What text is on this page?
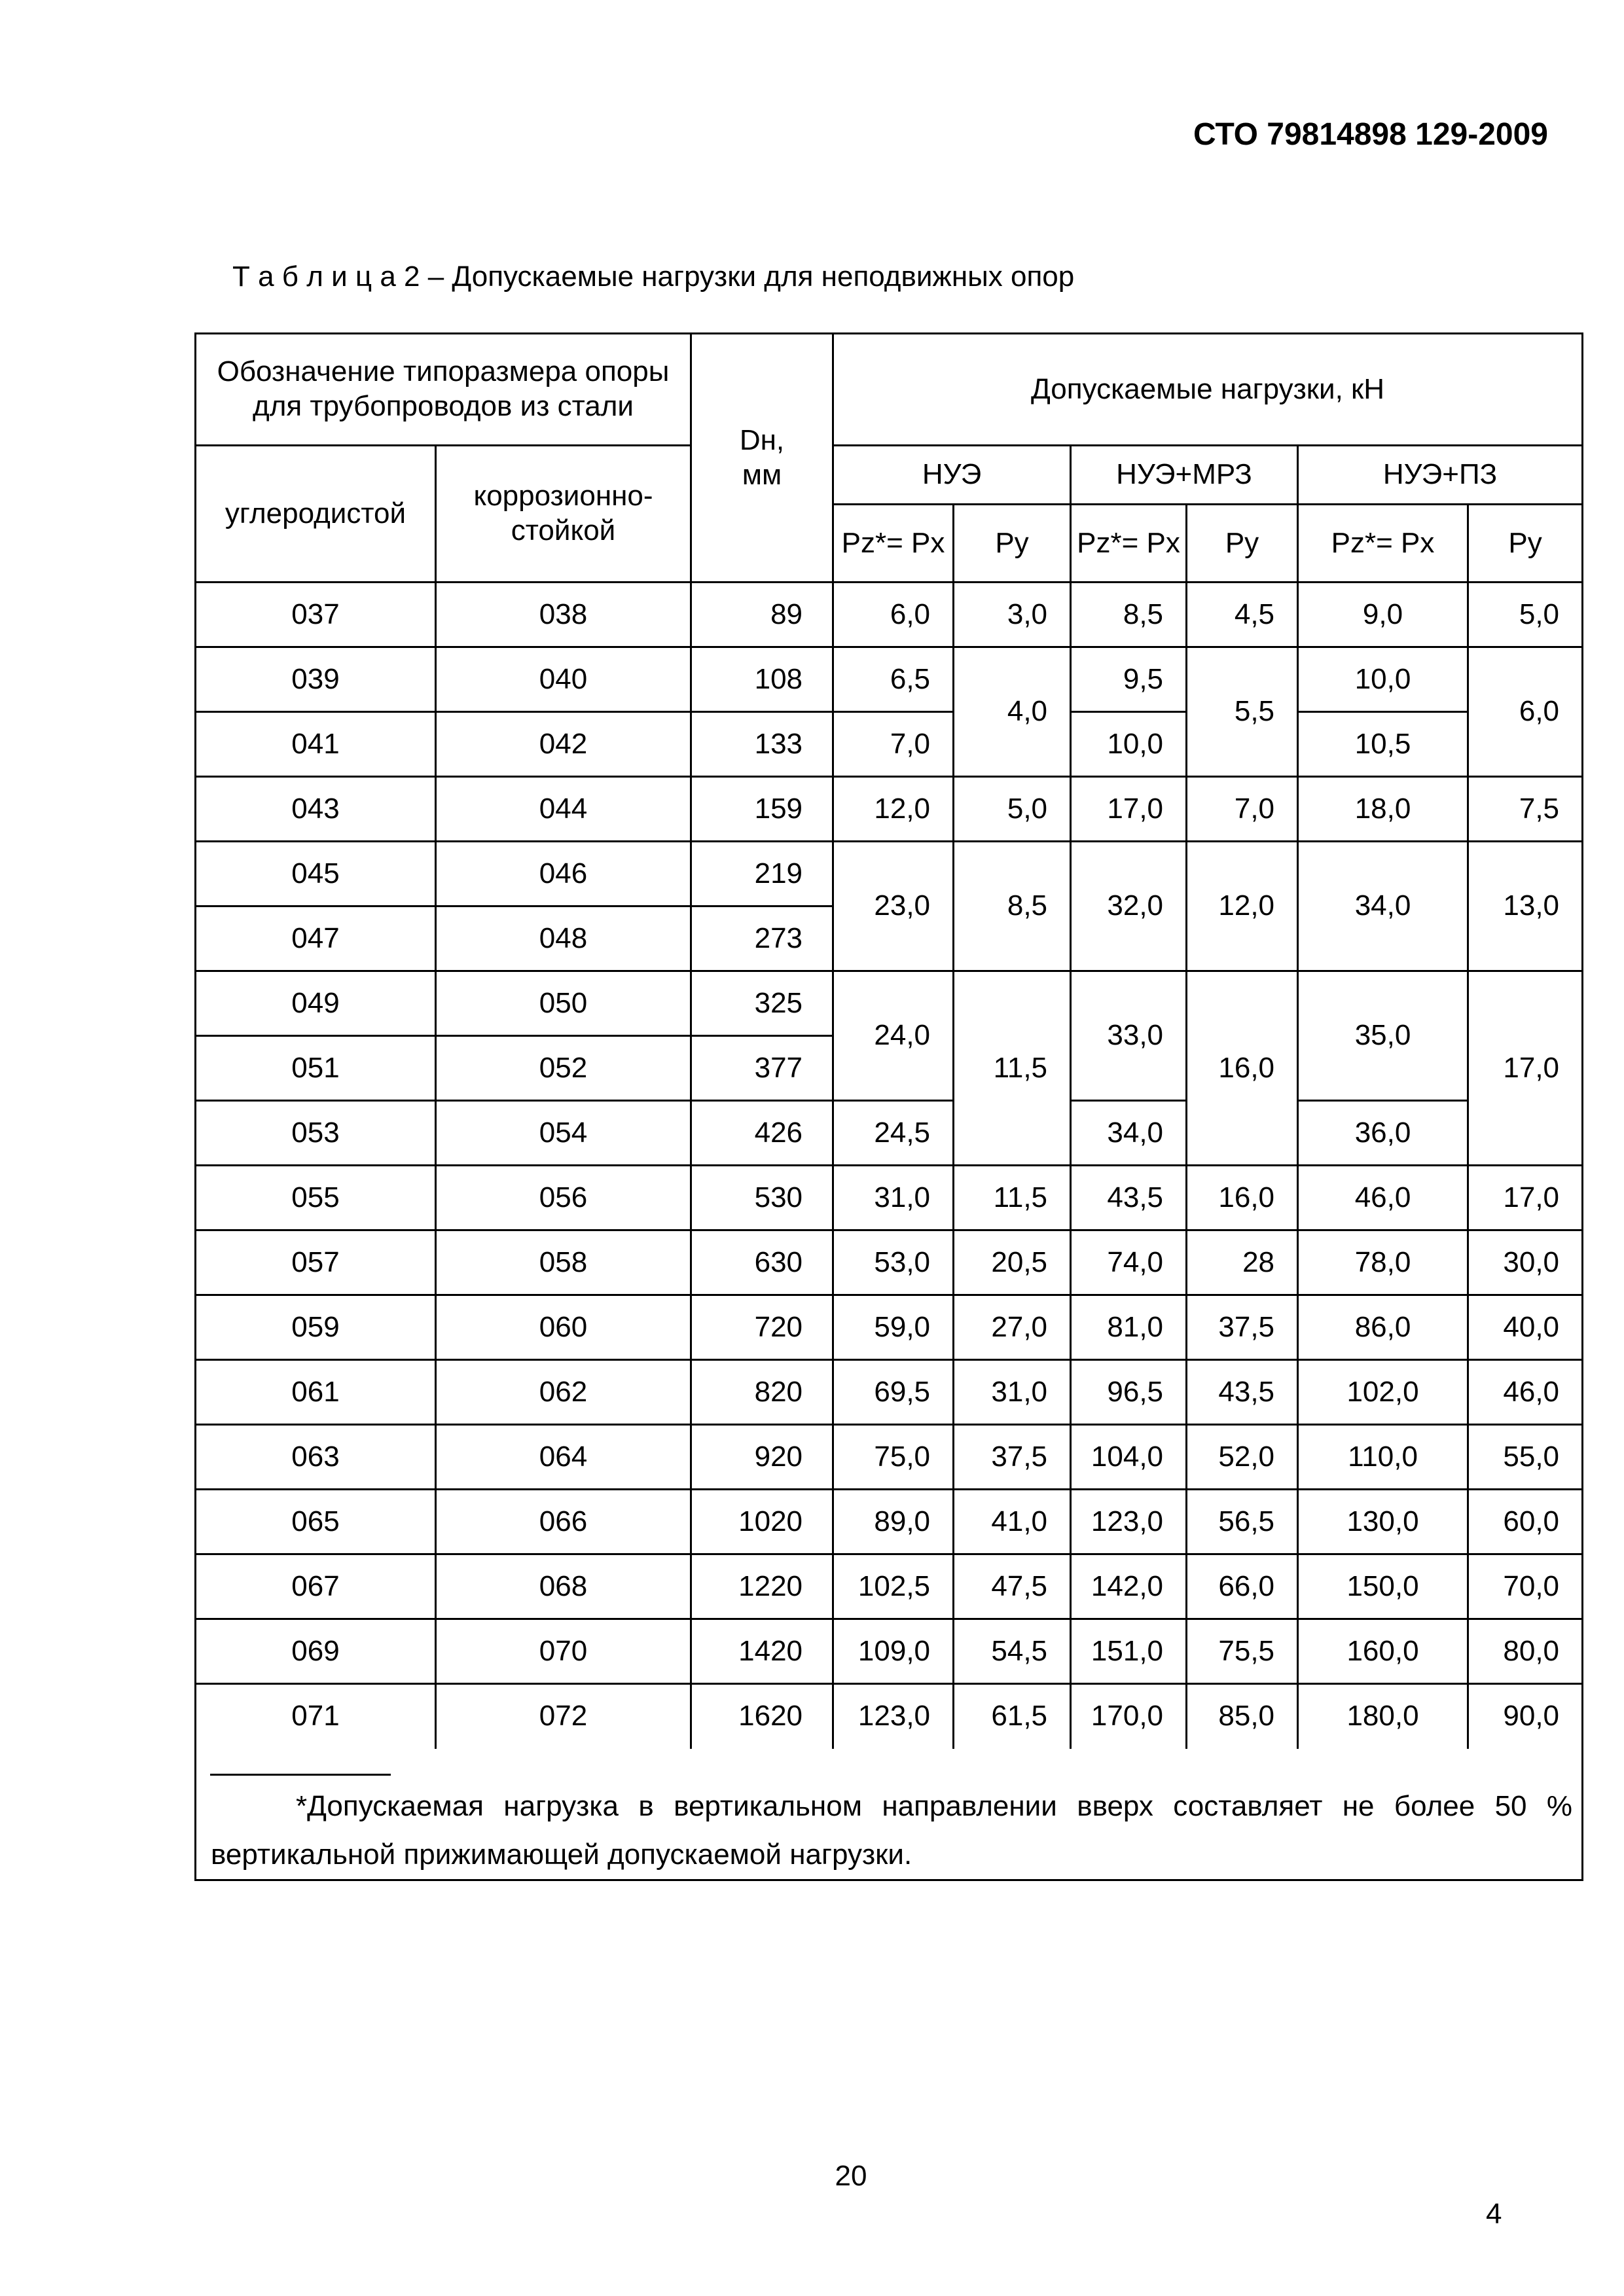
СТО 79814898 129-2009
Т а б л и ц а 2 – Допускаемые нагрузки для неподвижных опор
Обозначение типоразмера опоры для трубопроводов из стали		Dн,
мм	Допускаемые нагрузки, кН					
углеродистой	коррозионно-стойкой		НУЭ		НУЭ+МРЗ		НУЭ+ПЗ	
			Pz*= Px	Py	Pz*= Px	Py	Pz*= Px	Py
037	038	89	6,0	3,0	8,5	4,5	9,0	5,0
039	040	108	6,5	4,0	9,5	5,5	10,0	6,0
041	042	133	7,0		10,0		10,5	
043	044	159	12,0	5,0	17,0	7,0	18,0	7,5
045	046	219	23,0	8,5	32,0	12,0	34,0	13,0
047	048	273						
049	050	325	24,0	11,5	33,0	16,0	35,0	17,0
051	052	377						
053	054	426	24,5		34,0		36,0	
055	056	530	31,0	11,5	43,5	16,0	46,0	17,0
057	058	630	53,0	20,5	74,0	28	78,0	30,0
059	060	720	59,0	27,0	81,0	37,5	86,0	40,0
061	062	820	69,5	31,0	96,5	43,5	102,0	46,0
063	064	920	75,0	37,5	104,0	52,0	110,0	55,0
065	066	1020	89,0	41,0	123,0	56,5	130,0	60,0
067	068	1220	102,5	47,5	142,0	66,0	150,0	70,0
069	070	1420	109,0	54,5	151,0	75,5	160,0	80,0
071	072	1620	123,0	61,5	170,0	85,0	180,0	90,0

*Допускаемая нагрузка в вертикальном направлении вверх составляет не более 50 % вертикальной прижимающей допускаемой нагрузки.								
20
4
